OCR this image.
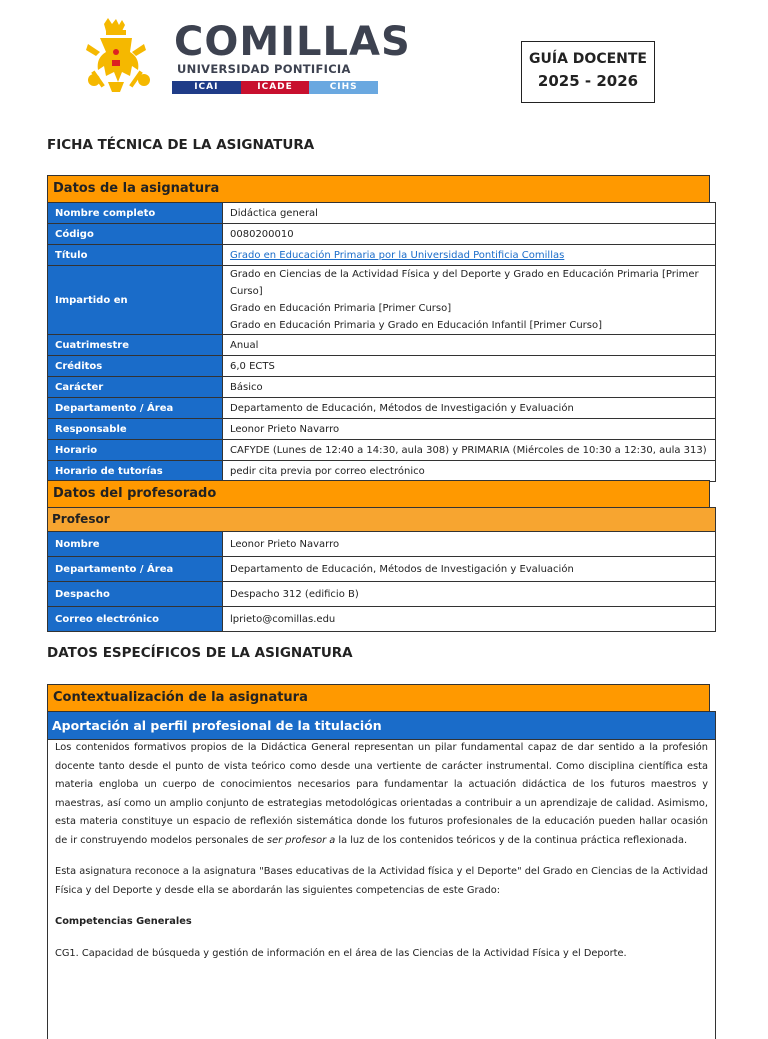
COMILLAS
UNIVERSIDAD PONTIFICIA
ICAI	ICADE	CIHS
GUÍA DOCENTE
2025 - 2026
FICHA TÉCNICA DE LA ASIGNATURA
Datos de la asignatura
Nombre completo	Didáctica general
Código	0080200010
Título	Grado en Educación Primaria por la Universidad Pontificia Comillas
Impartido en	Grado en Ciencias de la Actividad Física y del Deporte y Grado en Educación Primaria [Primer Curso]
Grado en Educación Primaria [Primer Curso]
Grado en Educación Primaria y Grado en Educación Infantil [Primer Curso]

Cuatrimestre	Anual
Créditos	6,0 ECTS
Carácter	Básico
Departamento / Área	Departamento de Educación, Métodos de Investigación y Evaluación
Responsable	Leonor Prieto Navarro
Horario	CAFYDE (Lunes de 12:40 a 14:30, aula 308) y PRIMARIA (Miércoles de 10:30 a 12:30, aula 313)
Horario de tutorías	pedir cita previa por correo electrónico
Datos del profesorado
Profesor
Nombre	Leonor Prieto Navarro
Departamento / Área	Departamento de Educación, Métodos de Investigación y Evaluación
Despacho	Despacho 312 (edificio B)
Correo electrónico	lprieto@comillas.edu
DATOS ESPECÍFICOS DE LA ASIGNATURA
Contextualización de la asignatura
Aportación al perfil profesional de la titulación

Los contenidos formativos propios de la Didáctica General representan un pilar fundamental capaz de dar sentido a la profesión docente tanto desde el punto de vista teórico como desde una vertiente de carácter instrumental. Como disciplina científica esta materia engloba un cuerpo de conocimientos necesarios para fundamentar la actuación didáctica de los futuros maestros y maestras, así como un amplio conjunto de estrategias metodológicas orientadas a contribuir a un aprendizaje de calidad. Asimismo, esta materia constituye un espacio de reflexión sistemática donde los futuros profesionales de la educación pueden hallar ocasión de ir construyendo modelos personales de ser profesor a la luz de los contenidos teóricos y de la continua práctica reflexionada.

Esta asignatura reconoce a la asignatura "Bases educativas de la Actividad física y el Deporte" del Grado en Ciencias de la Actividad Física y del Deporte y desde ella se abordarán las siguientes competencias de este Grado:

Competencias Generales

CG1. Capacidad de búsqueda y gestión de información en el área de las Ciencias de la Actividad Física y el Deporte.
